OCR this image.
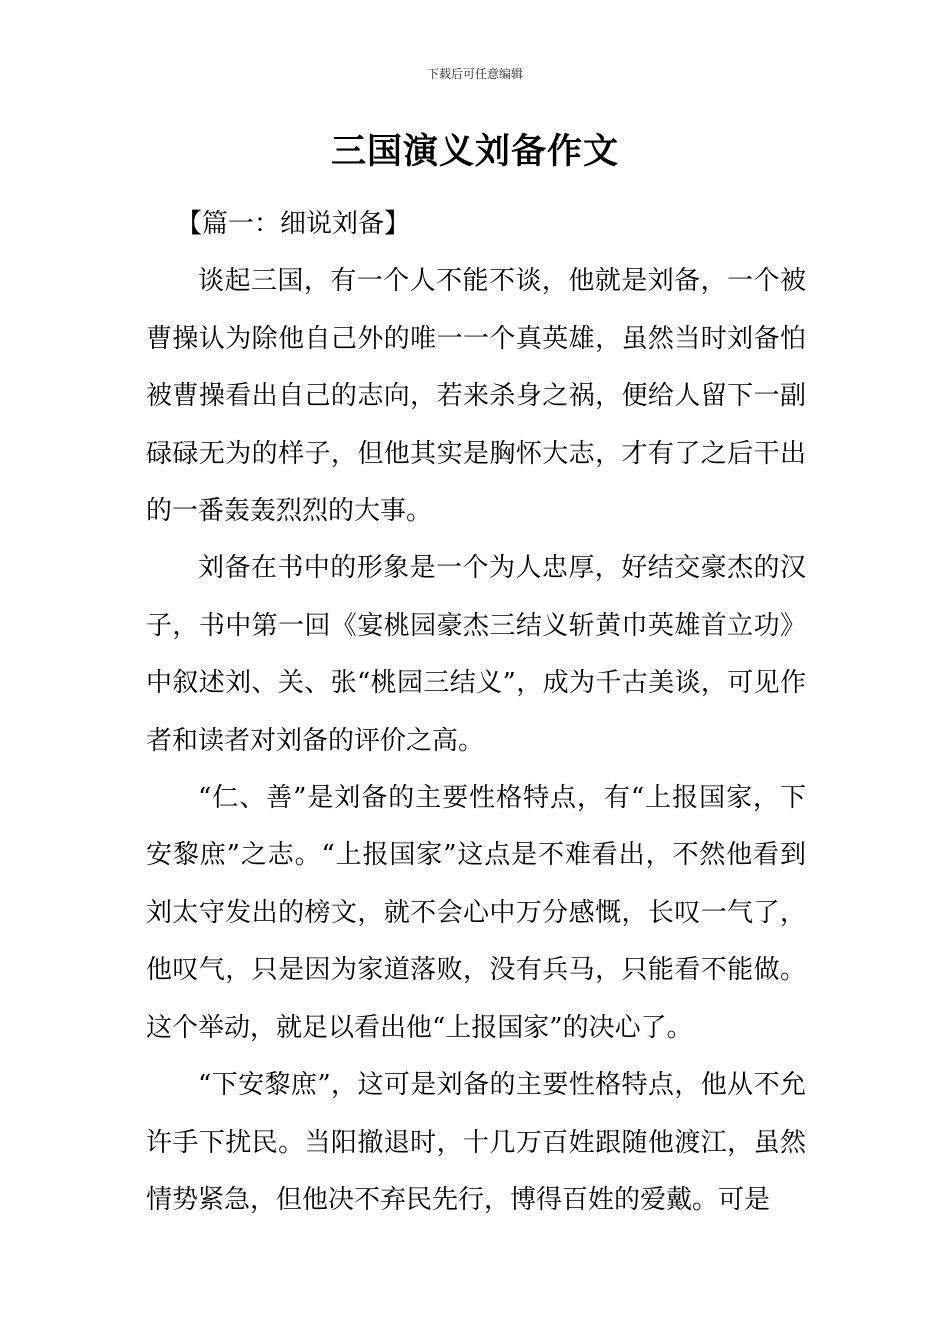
下载后可任意编辑
三国演义刘备作文

【篇一：细说刘备】

谈起三国，有一个人不能不谈，他就是刘备，一个被曹操认为除他自己外的唯一一个真英雄，虽然当时刘备怕被曹操看出自己的志向，若来杀身之祸，便给人留下一副碌碌无为的样子，但他其实是胸怀大志，才有了之后干出的一番轰轰烈烈的大事。

刘备在书中的形象是一个为人忠厚，好结交豪杰的汉子，书中第一回《宴桃园豪杰三结义斩黄巾英雄首立功》中叙述刘、关、张“桃园三结义”，成为千古美谈，可见作者和读者对刘备的评价之高。

“仁、善”是刘备的主要性格特点，有“上报国家，下安黎庶”之志。“上报国家”这点是不难看出，不然他看到刘太守发出的榜文，就不会心中万分感慨，长叹一气了，他叹气，只是因为家道落败，没有兵马，只能看不能做。这个举动，就足以看出他“上报国家”的决心了。

“下安黎庶”，这可是刘备的主要性格特点，他从不允许手下扰民。当阳撤退时，十几万百姓跟随他渡江，虽然情势紧急，但他决不弃民先行，博得百姓的爱戴。可是
